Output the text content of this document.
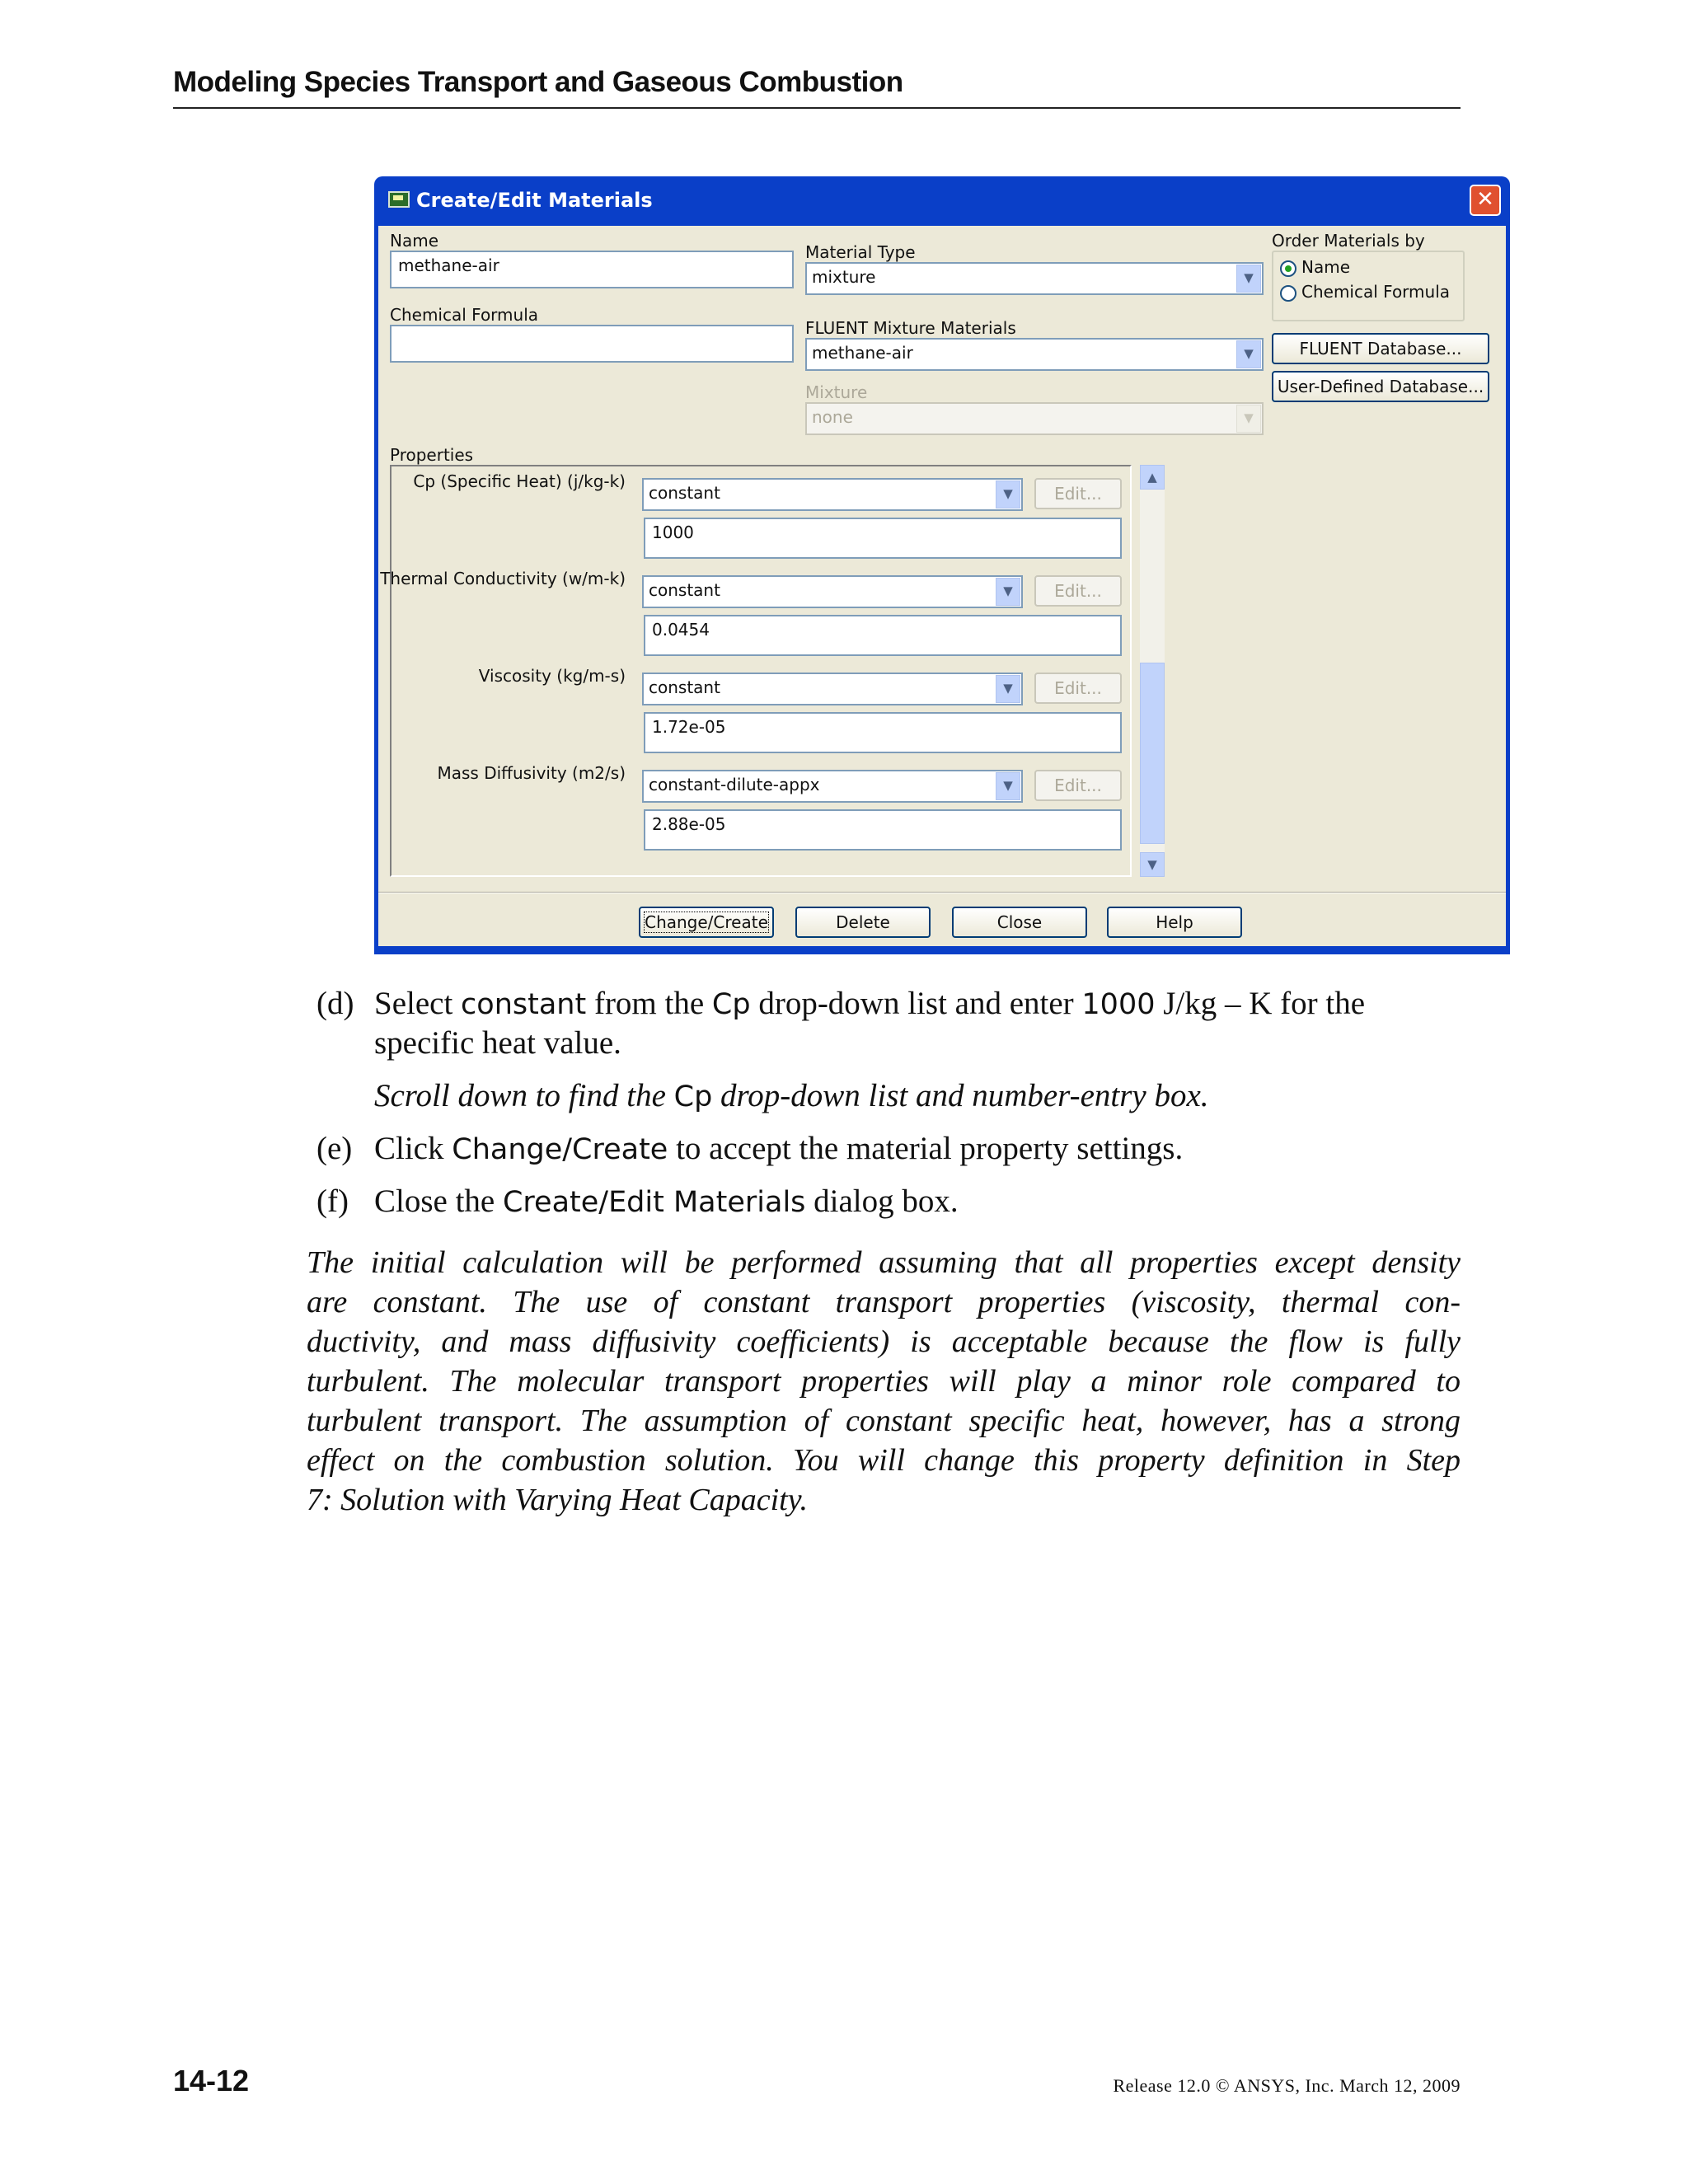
Modeling Species Transport and Gaseous Combustion
Create/Edit Materials	✕
Name
methane-air
Chemical Formula
Material Type
mixture	▼
FLUENT Mixture Materials
methane-air	▼
Mixture
none	▼
Order Materials by
Name
Chemical Formula
FLUENT Database...
User-Defined Database...
Properties
Cp (Specific Heat) (j/kg-k)
constant	▼	Edit...
1000
Thermal Conductivity (w/m-k)
constant	▼	Edit...
0.0454
Viscosity (kg/m-s)
constant	▼	Edit...
1.72e-05
Mass Diffusivity (m2/s)
constant-dilute-appx	▼	Edit...
2.88e-05
▲
▼
Change/Create	Delete	Close	Help
(d) Select constant from the Cp drop-down list and enter 1000 J/kg – K for the
specific heat value.
Scroll down to find the Cp drop-down list and number-entry box.
(e) Click Change/Create to accept the material property settings.
(f) Close the Create/Edit Materials dialog box.
The initial calculation will be performed assuming that all properties except density
are constant. The use of constant transport properties (viscosity, thermal con-
ductivity, and mass diffusivity coefficients) is acceptable because the flow is fully
turbulent. The molecular transport properties will play a minor role compared to
turbulent transport. The assumption of constant specific heat, however, has a strong
effect on the combustion solution. You will change this property definition in Step
7: Solution with Varying Heat Capacity.
14-12	Release 12.0 © ANSYS, Inc. March 12, 2009
